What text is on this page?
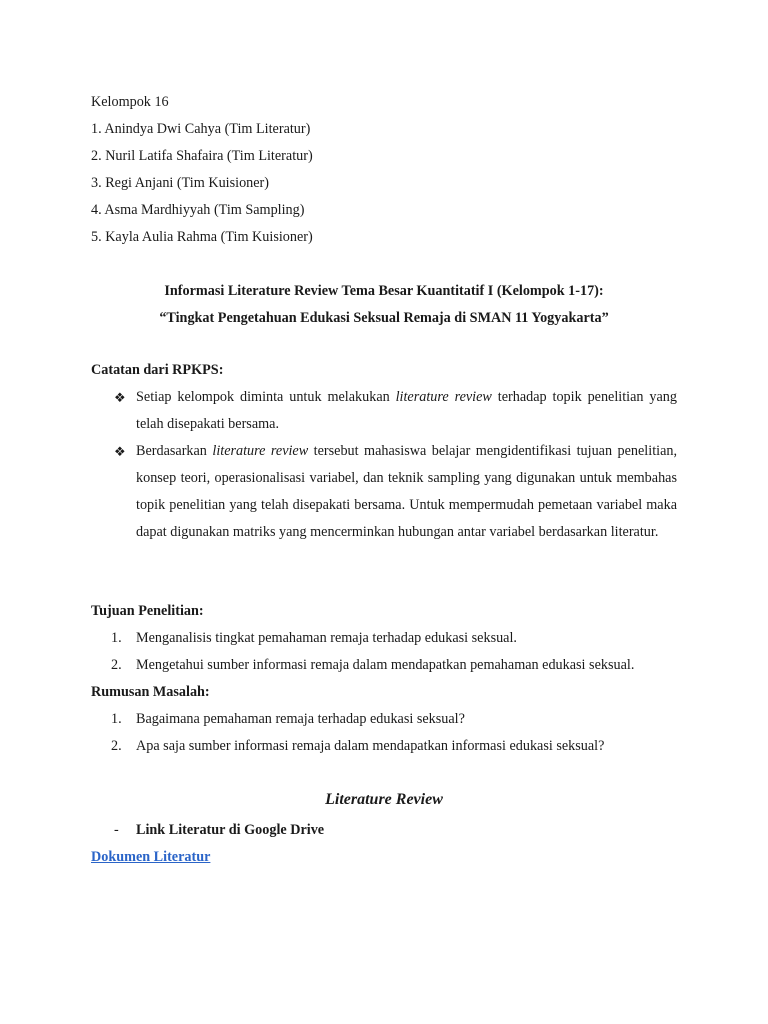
Kelompok 16
1. Anindya Dwi Cahya (Tim Literatur)
2. Nuril Latifa Shafaira (Tim Literatur)
3. Regi Anjani (Tim Kuisioner)
4. Asma Mardhiyyah (Tim Sampling)
5. Kayla Aulia Rahma (Tim Kuisioner)
Informasi Literature Review Tema Besar Kuantitatif I (Kelompok 1-17):
“Tingkat Pengetahuan Edukasi Seksual Remaja di SMAN 11 Yogyakarta”
Catatan dari RPKPS:
❖ Setiap kelompok diminta untuk melakukan literature review terhadap topik penelitian yang telah disepakati bersama.
❖ Berdasarkan literature review tersebut mahasiswa belajar mengidentifikasi tujuan penelitian, konsep teori, operasionalisasi variabel, dan teknik sampling yang digunakan untuk membahas topik penelitian yang telah disepakati bersama. Untuk mempermudah pemetaan variabel maka dapat digunakan matriks yang mencerminkan hubungan antar variabel berdasarkan literatur.
Tujuan Penelitian:
1. Menganalisis tingkat pemahaman remaja terhadap edukasi seksual.
2. Mengetahui sumber informasi remaja dalam mendapatkan pemahaman edukasi seksual.
Rumusan Masalah:
1. Bagaimana pemahaman remaja terhadap edukasi seksual?
2. Apa saja sumber informasi remaja dalam mendapatkan informasi edukasi seksual?
Literature Review
- Link Literatur di Google Drive
Dokumen Literatur
